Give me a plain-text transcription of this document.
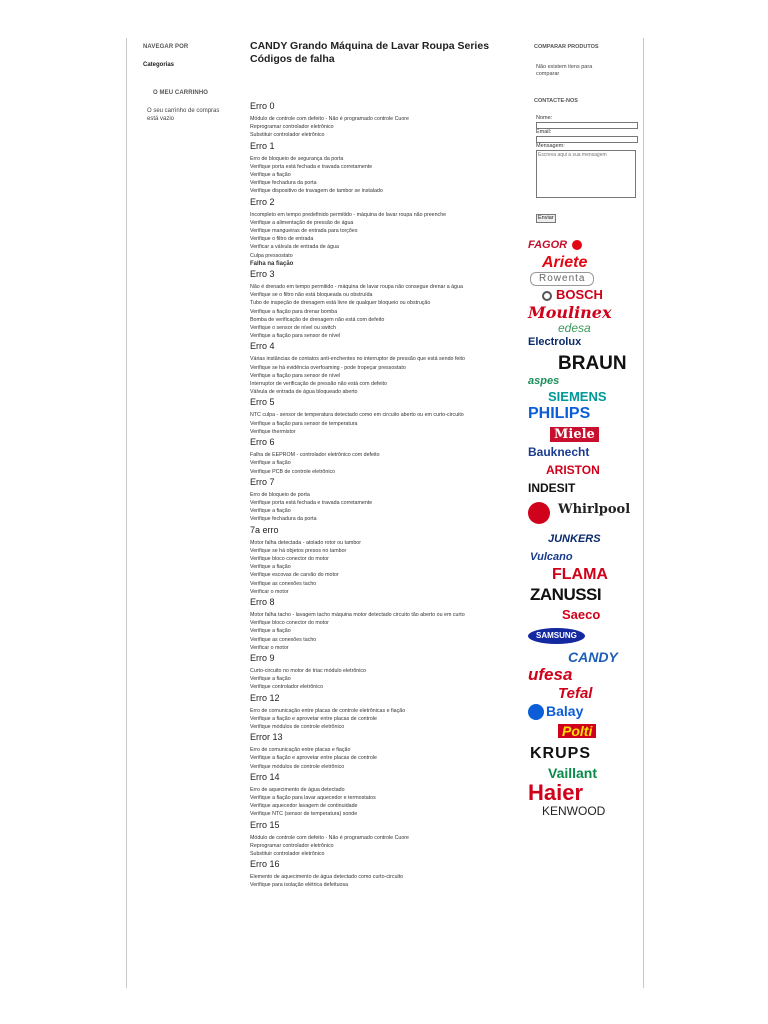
NAVEGAR POR
Categorias
O MEU CARRINHO
O seu carrinho de compras
está vazio
CANDY Grando Máquina de Lavar Roupa Series
Códigos de falha
Erro 0
Módulo de controle com defeito - Não é programado controle Cuore
Reprogramar controlador eletrônico
Substituir controlador eletrônico
Erro 1
Erro de bloqueio de segurança da porta
Verifique porta está fechada e travada corretamente
Verifique a fiação
Verifique fechadura da porta
Verifique dispositivo de travagem de tambor se instalado
Erro 2
Incompleto em tempo predefinido permitido - máquina de lavar roupa não preenche
Verifique a alimentação de pressão de água
Verifique mangueiras de entrada para torções
Verifique o filtro de entrada
Verificar a válvula de entrada de água
Culpa pressostato
Falha na fiação
Erro 3
Não é drenado em tempo permitido - máquina de lavar roupa não consegue drenar a água
Verifique se o filtro não está bloqueada ou obstruída
Tubo de inspeção de drenagem está livre de qualquer bloqueio ou obstrução
Verifique a fiação para drenar bomba
Bomba de verificação de drenagem não está com defeito
Verifique o sensor de nível ou switch
Verifique a fiação para sensor de nível
Erro 4
Várias instâncias de contatos anti-enchentes no interruptor de pressão que está sendo feito
Verifique se há evidência overfoaming - pode tropeçar pressostato
Verifique a fiação para sensor de nível
Interruptor de verificação de pressão não está com defeito
Válvula de entrada de água bloqueado aberto
Erro 5
NTC culpa - sensor de temperatura detectado como em circuito aberto ou em curto-circuito
Verifique a fiação para sensor de temperatura
Verifique thermistor
Erro 6
Falha de EEPROM - controlador eletrônico com defeito
Verifique a fiação
Verifique PCB de controle eletrônico
Erro 7
Erro de bloqueio de porta
Verifique porta está fechada e travada corretamente
Verifique a fiação
Verifique fechadura da porta
7a erro
Motor falha detectada - atolado rotor ou tambor
Verifique se há objetos presos no tambor
Verifique bloco conector do motor
Verifique a fiação
Verifique escovas de carvão do motor
Verifique as conexões tacho
Verificar o motor
Erro 8
Motor falha tacho - lavagem tacho máquina motor detectado circuito tão aberto ou em curto
Verifique bloco conector do motor
Verifique a fiação
Verifique as conexões tacho
Verificar o motor
Erro 9
Curto-circuito no motor de triac módulo eletrônico
Verifique a fiação
Verifique controlador eletrônico
Erro 12
Erro de comunicação entre placas de controle eletrônicas e fiação
Verifique a fiação e aprovetar entre placas de controle
Verifique módulos de controle eletrônico
Error 13
Erro de comunicação entre placas e fiação
Verifique a fiação e aprovetar entre placas de controle
Verifique módulos de controle eletrônico
Erro 14
Erro de aquecimento de água detectado
Verifique a fiação para lavar aquecedor e termostatos
Verifique aquecedor lavagem de continuidade
Verifique NTC (sensor de temperatura) sonde
Erro 15
Módulo de controle com defeito - Não é programado controle Cuore
Reprogramar controlador eletrônico
Substituir controlador eletrônico
Erro 16
Elemento de aquecimento de água detectado como curto-circuito
Verifique para isolação elétrica defeituosa
COMPARAR PRODUTOS
Não existem itens para
comparar
CONTACTE-NOS
Nome:
Email:
Mensagem:
Escreva aqui a sua mensagem
Enviar
FAGOR
Ariete
Rowenta
BOSCH
Moulinex
edesa
Electrolux
BRAUN
aspes
SIEMENS
PHILIPS
Miele
Bauknecht
ARISTON
INDESIT
Whirlpool
JUNKERS
Vulcano
FLAMA
ZANUSSI
Saeco
SAMSUNG
CANDY
ufesa
Tefal
Balay
Polti
KRUPS
Vaillant
Haier
KENWOOD
